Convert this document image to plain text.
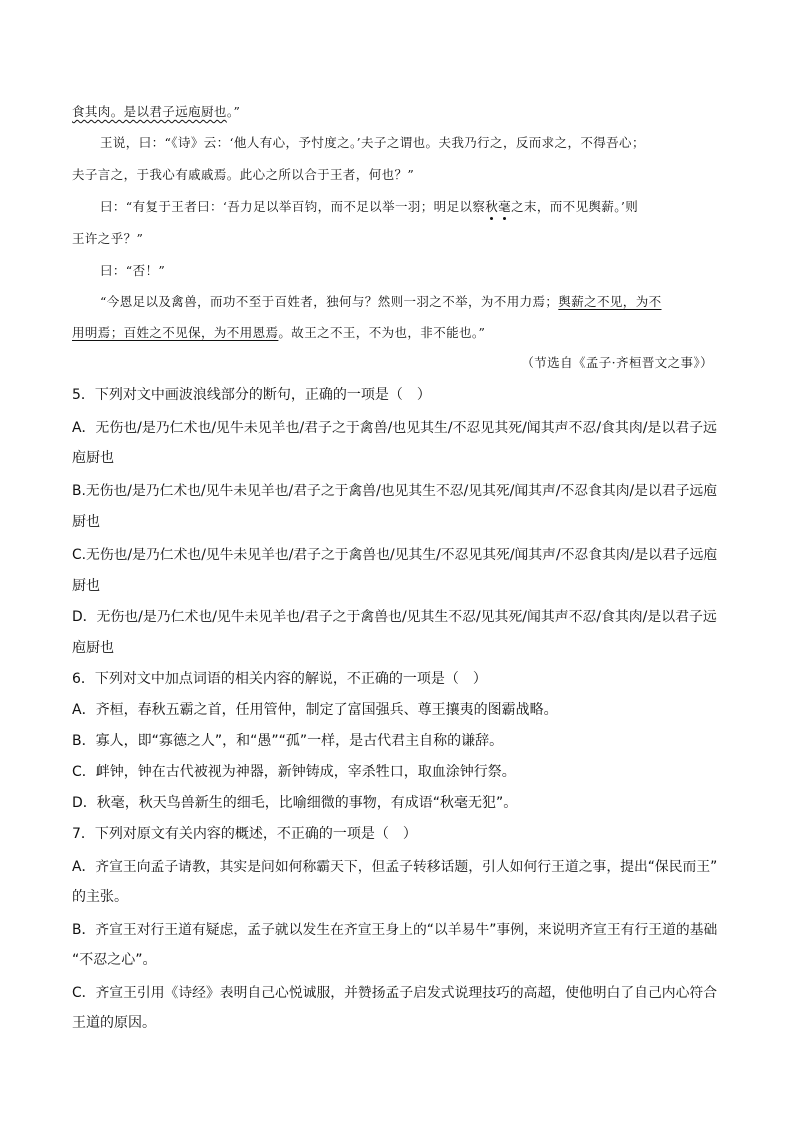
食其肉。是以君子远庖厨也。”
王说，曰：“《诗》云：‘他人有心，予忖度之。’夫子之谓也。夫我乃行之，反而求之，不得吾心；
夫子言之，于我心有戚戚焉。此心之所以合于王者，何也？”
曰：“有复于王者曰：‘吾力足以举百钧，而不足以举一羽；明足以察秋毫之末，而不见舆薪。’则
王许之乎？”
曰：“否！”
“今恩足以及禽兽，而功不至于百姓者，独何与？然则一羽之不举，为不用力焉；舆薪之不见，为不
用明焉；百姓之不见保，为不用恩焉。故王之不王，不为也，非不能也。”
（节选自《孟子·齐桓晋文之事》）
5．下列对文中画波浪线部分的断句，正确的一项是（　）
A．无伤也/是乃仁术也/见牛未见羊也/君子之于禽兽/也见其生/不忍见其死/闻其声不忍/食其肉/是以君子远
庖厨也
B.无伤也/是乃仁术也/见牛未见羊也/君子之于禽兽/也见其生不忍/见其死/闻其声/不忍食其肉/是以君子远庖
厨也
C.无伤也/是乃仁术也/见牛未见羊也/君子之于禽兽也/见其生/不忍见其死/闻其声/不忍食其肉/是以君子远庖
厨也
D．无伤也/是乃仁术也/见牛未见羊也/君子之于禽兽也/见其生不忍/见其死/闻其声不忍/食其肉/是以君子远
庖厨也
6．下列对文中加点词语的相关内容的解说，不正确的一项是（　）
A．齐桓，春秋五霸之首，任用管仲，制定了富国强兵、尊王攘夷的图霸战略。
B．寡人，即“寡德之人”，和“愚”“孤”一样，是古代君主自称的谦辞。
C．衅钟，钟在古代被视为神器，新钟铸成，宰杀牲口，取血涂钟行祭。
D．秋毫，秋天鸟兽新生的细毛，比喻细微的事物，有成语“秋毫无犯”。
7．下列对原文有关内容的概述，不正确的一项是（　）
A．齐宣王向孟子请教，其实是问如何称霸天下，但孟子转移话题，引人如何行王道之事，提出“保民而王”
的主张。
B．齐宣王对行王道有疑虑，孟子就以发生在齐宣王身上的“以羊易牛”事例，来说明齐宣王有行王道的基础
“不忍之心”。
C．齐宣王引用《诗经》表明自己心悦诚服，并赞扬孟子启发式说理技巧的高超，使他明白了自己内心符合
王道的原因。
